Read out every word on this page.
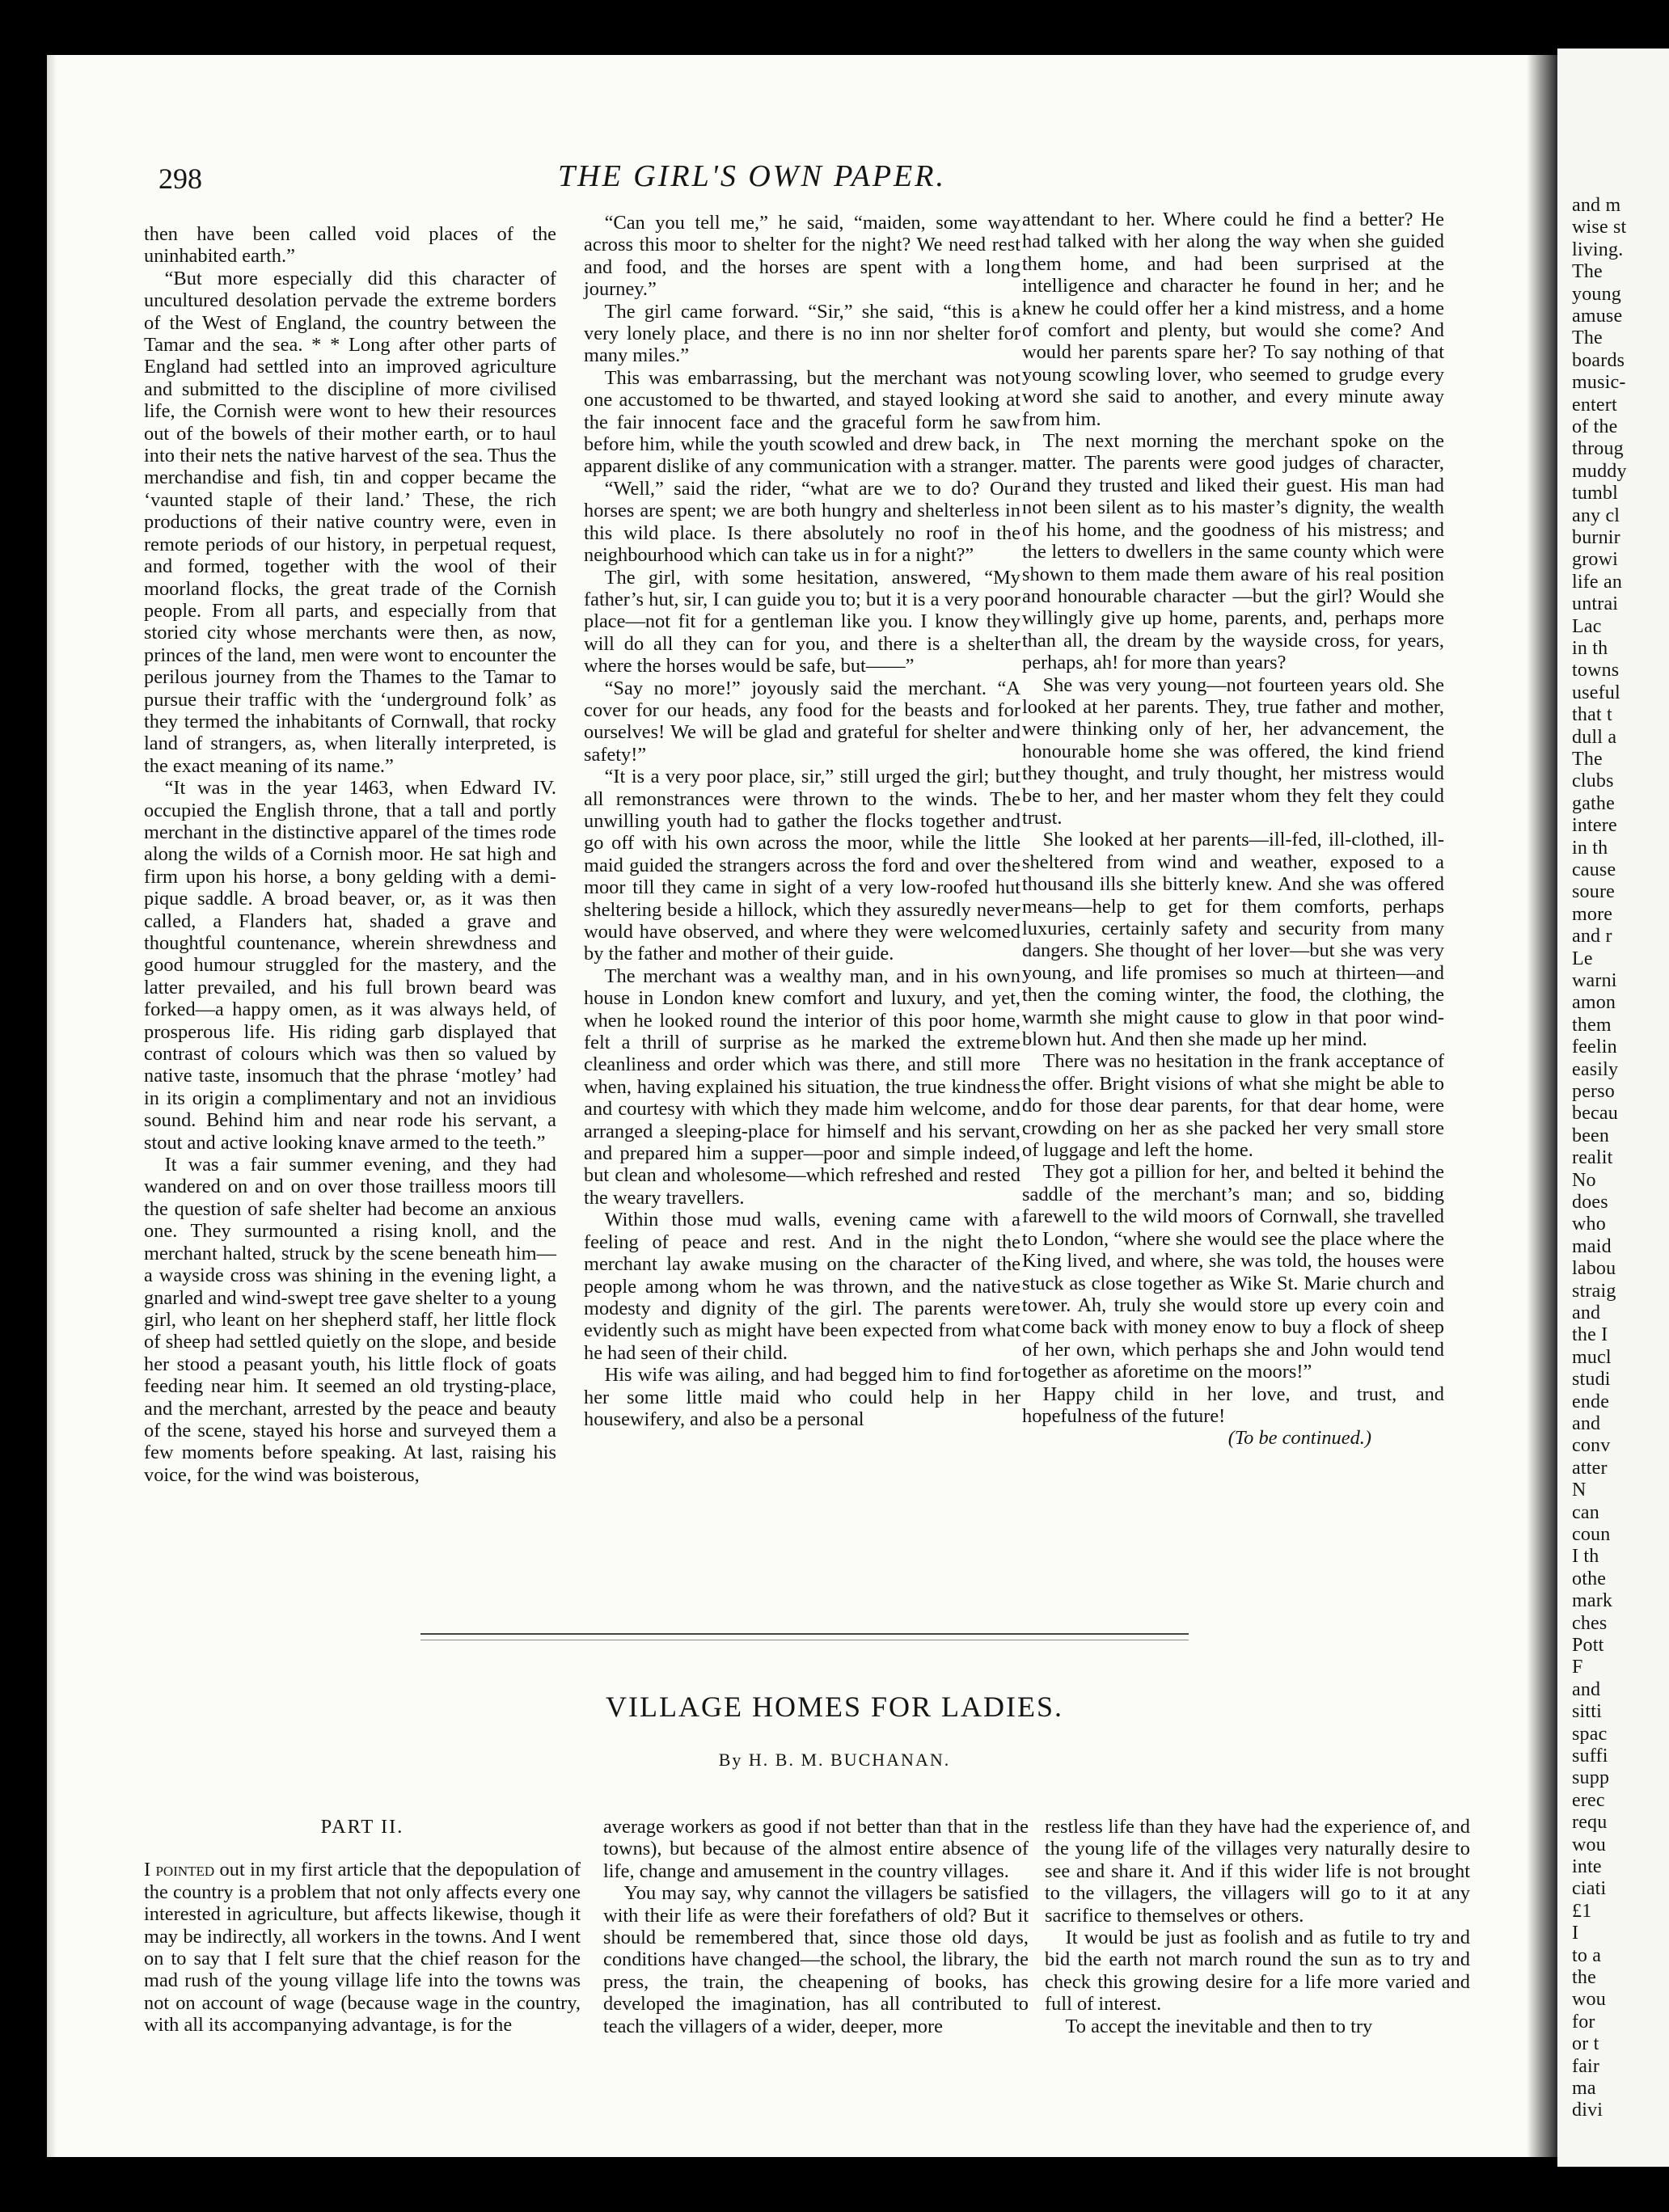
and m
wise st
living.
The
young
amuse
The
boards
music-
entert
of the
throug
muddy
tumbl
any cl
burnir
growi
life an
untrai
Lac
in th
towns
useful
that t
dull a
The
clubs
gathe
intere
in th
cause
soure
more
and r
Le
warni
amon
them
feelin
easily
perso
becau
been
realit
No
does
who
maid
labou
straig
and
the I
mucl
studi
ende
and
conv
atter
N
can
coun
I th
othe
mark
ches
Pott
F
and
sitti
spac
suffi
supp
erec
requ
wou
inte
ciati
£1
I
to a
the
wou
for
or t
fair
ma
divi
298	THE GIRL'S OWN PAPER.

then have been called void places of the uninhabited earth.”

“But more especially did this character of uncultured desolation pervade the extreme borders of the West of England, the country between the Tamar and the sea. * * Long after other parts of England had settled into an improved agriculture and submitted to the discipline of more civilised life, the Cornish were wont to hew their resources out of the bowels of their mother earth, or to haul into their nets the native harvest of the sea. Thus the merchandise and fish, tin and copper became the ‘vaunted staple of their land.’ These, the rich productions of their native country were, even in remote periods of our history, in perpetual request, and formed, together with the wool of their moorland flocks, the great trade of the Cornish people. From all parts, and especially from that storied city whose merchants were then, as now, princes of the land, men were wont to encounter the perilous journey from the Thames to the Tamar to pursue their traffic with the ‘underground folk’ as they termed the inhabitants of Cornwall, that rocky land of strangers, as, when literally interpreted, is the exact meaning of its name.”

“It was in the year 1463, when Edward IV. occupied the English throne, that a tall and portly merchant in the distinctive apparel of the times rode along the wilds of a Cornish moor. He sat high and firm upon his horse, a bony gelding with a demi-pique saddle. A broad beaver, or, as it was then called, a Flanders hat, shaded a grave and thoughtful countenance, wherein shrewdness and good humour struggled for the mastery, and the latter prevailed, and his full brown beard was forked—a happy omen, as it was always held, of prosperous life. His riding garb displayed that contrast of colours which was then so valued by native taste, insomuch that the phrase ‘motley’ had in its origin a complimentary and not an invidious sound. Behind him and near rode his servant, a stout and active looking knave armed to the teeth.”

It was a fair summer evening, and they had wandered on and on over those trailless moors till the question of safe shelter had become an anxious one. They surmounted a rising knoll, and the merchant halted, struck by the scene beneath him—a wayside cross was shining in the evening light, a gnarled and wind-swept tree gave shelter to a young girl, who leant on her shepherd staff, her little flock of sheep had settled quietly on the slope, and beside her stood a peasant youth, his little flock of goats feeding near him. It seemed an old trysting-place, and the merchant, arrested by the peace and beauty of the scene, stayed his horse and surveyed them a few moments before speaking. At last, raising his voice, for the wind was boisterous,

“Can you tell me,” he said, “maiden, some way across this moor to shelter for the night? We need rest and food, and the horses are spent with a long journey.”

The girl came forward. “Sir,” she said, “this is a very lonely place, and there is no inn nor shelter for many miles.”

This was embarrassing, but the merchant was not one accustomed to be thwarted, and stayed looking at the fair innocent face and the graceful form he saw before him, while the youth scowled and drew back, in apparent dislike of any communication with a stranger.

“Well,” said the rider, “what are we to do? Our horses are spent; we are both hungry and shelterless in this wild place. Is there absolutely no roof in the neighbourhood which can take us in for a night?”

The girl, with some hesitation, answered, “My father’s hut, sir, I can guide you to; but it is a very poor place—not fit for a gentleman like you. I know they will do all they can for you, and there is a shelter where the horses would be safe, but——”

“Say no more!” joyously said the merchant. “A cover for our heads, any food for the beasts and for ourselves! We will be glad and grateful for shelter and safety!”

“It is a very poor place, sir,” still urged the girl; but all remonstrances were thrown to the winds. The unwilling youth had to gather the flocks together and go off with his own across the moor, while the little maid guided the strangers across the ford and over the moor till they came in sight of a very low-roofed hut sheltering beside a hillock, which they assuredly never would have observed, and where they were welcomed by the father and mother of their guide.

The merchant was a wealthy man, and in his own house in London knew comfort and luxury, and yet, when he looked round the interior of this poor home, felt a thrill of surprise as he marked the extreme cleanliness and order which was there, and still more when, having explained his situation, the true kindness and courtesy with which they made him welcome, and arranged a sleeping-place for himself and his servant, and prepared him a supper—poor and simple indeed, but clean and wholesome—which refreshed and rested the weary travellers.

Within those mud walls, evening came with a feeling of peace and rest. And in the night the merchant lay awake musing on the character of the people among whom he was thrown, and the native modesty and dignity of the girl. The parents were evidently such as might have been expected from what he had seen of their child.

His wife was ailing, and had begged him to find for her some little maid who could help in her housewifery, and also be a personal

attendant to her. Where could he find a better? He had talked with her along the way when she guided them home, and had been surprised at the intelligence and character he found in her; and he knew he could offer her a kind mistress, and a home of comfort and plenty, but would she come? And would her parents spare her? To say nothing of that young scowling lover, who seemed to grudge every word she said to another, and every minute away from him.

The next morning the merchant spoke on the matter. The parents were good judges of character, and they trusted and liked their guest. His man had not been silent as to his master’s dignity, the wealth of his home, and the goodness of his mistress; and the letters to dwellers in the same county which were shown to them made them aware of his real position and honourable character —but the girl? Would she willingly give up home, parents, and, perhaps more than all, the dream by the wayside cross, for years, perhaps, ah! for more than years?

She was very young—not fourteen years old. She looked at her parents. They, true father and mother, were thinking only of her, her advancement, the honourable home she was offered, the kind friend they thought, and truly thought, her mistress would be to her, and her master whom they felt they could trust.

She looked at her parents—ill-fed, ill-clothed, ill-sheltered from wind and weather, exposed to a thousand ills she bitterly knew. And she was offered means—help to get for them comforts, perhaps luxuries, certainly safety and security from many dangers. She thought of her lover—but she was very young, and life promises so much at thirteen—and then the coming winter, the food, the clothing, the warmth she might cause to glow in that poor wind-blown hut. And then she made up her mind.

There was no hesitation in the frank acceptance of the offer. Bright visions of what she might be able to do for those dear parents, for that dear home, were crowding on her as she packed her very small store of luggage and left the home.

They got a pillion for her, and belted it behind the saddle of the merchant’s man; and so, bidding farewell to the wild moors of Cornwall, she travelled to London, “where she would see the place where the King lived, and where, she was told, the houses were stuck as close together as Wike St. Marie church and tower. Ah, truly she would store up every coin and come back with money enow to buy a flock of sheep of her own, which perhaps she and John would tend together as aforetime on the moors!”

Happy child in her love, and trust, and hopefulness of the future!

(To be continued.)

VILLAGE HOMES FOR LADIES.
By H. B. M. BUCHANAN.

PART II.

I pointed out in my first article that the depopulation of the country is a problem that not only affects every one interested in agriculture, but affects likewise, though it may be indirectly, all workers in the towns. And I went on to say that I felt sure that the chief reason for the mad rush of the young village life into the towns was not on account of wage (because wage in the country, with all its accompanying advantage, is for the

average workers as good if not better than that in the towns), but because of the almost entire absence of life, change and amusement in the country villages.

You may say, why cannot the villagers be satisfied with their life as were their forefathers of old? But it should be remembered that, since those old days, conditions have changed—the school, the library, the press, the train, the cheapening of books, has developed the imagination, has all contributed to teach the villagers of a wider, deeper, more

restless life than they have had the experience of, and the young life of the villages very naturally desire to see and share it. And if this wider life is not brought to the villagers, the villagers will go to it at any sacrifice to themselves or others.

It would be just as foolish and as futile to try and bid the earth not march round the sun as to try and check this growing desire for a life more varied and full of interest.

To accept the inevitable and then to try
